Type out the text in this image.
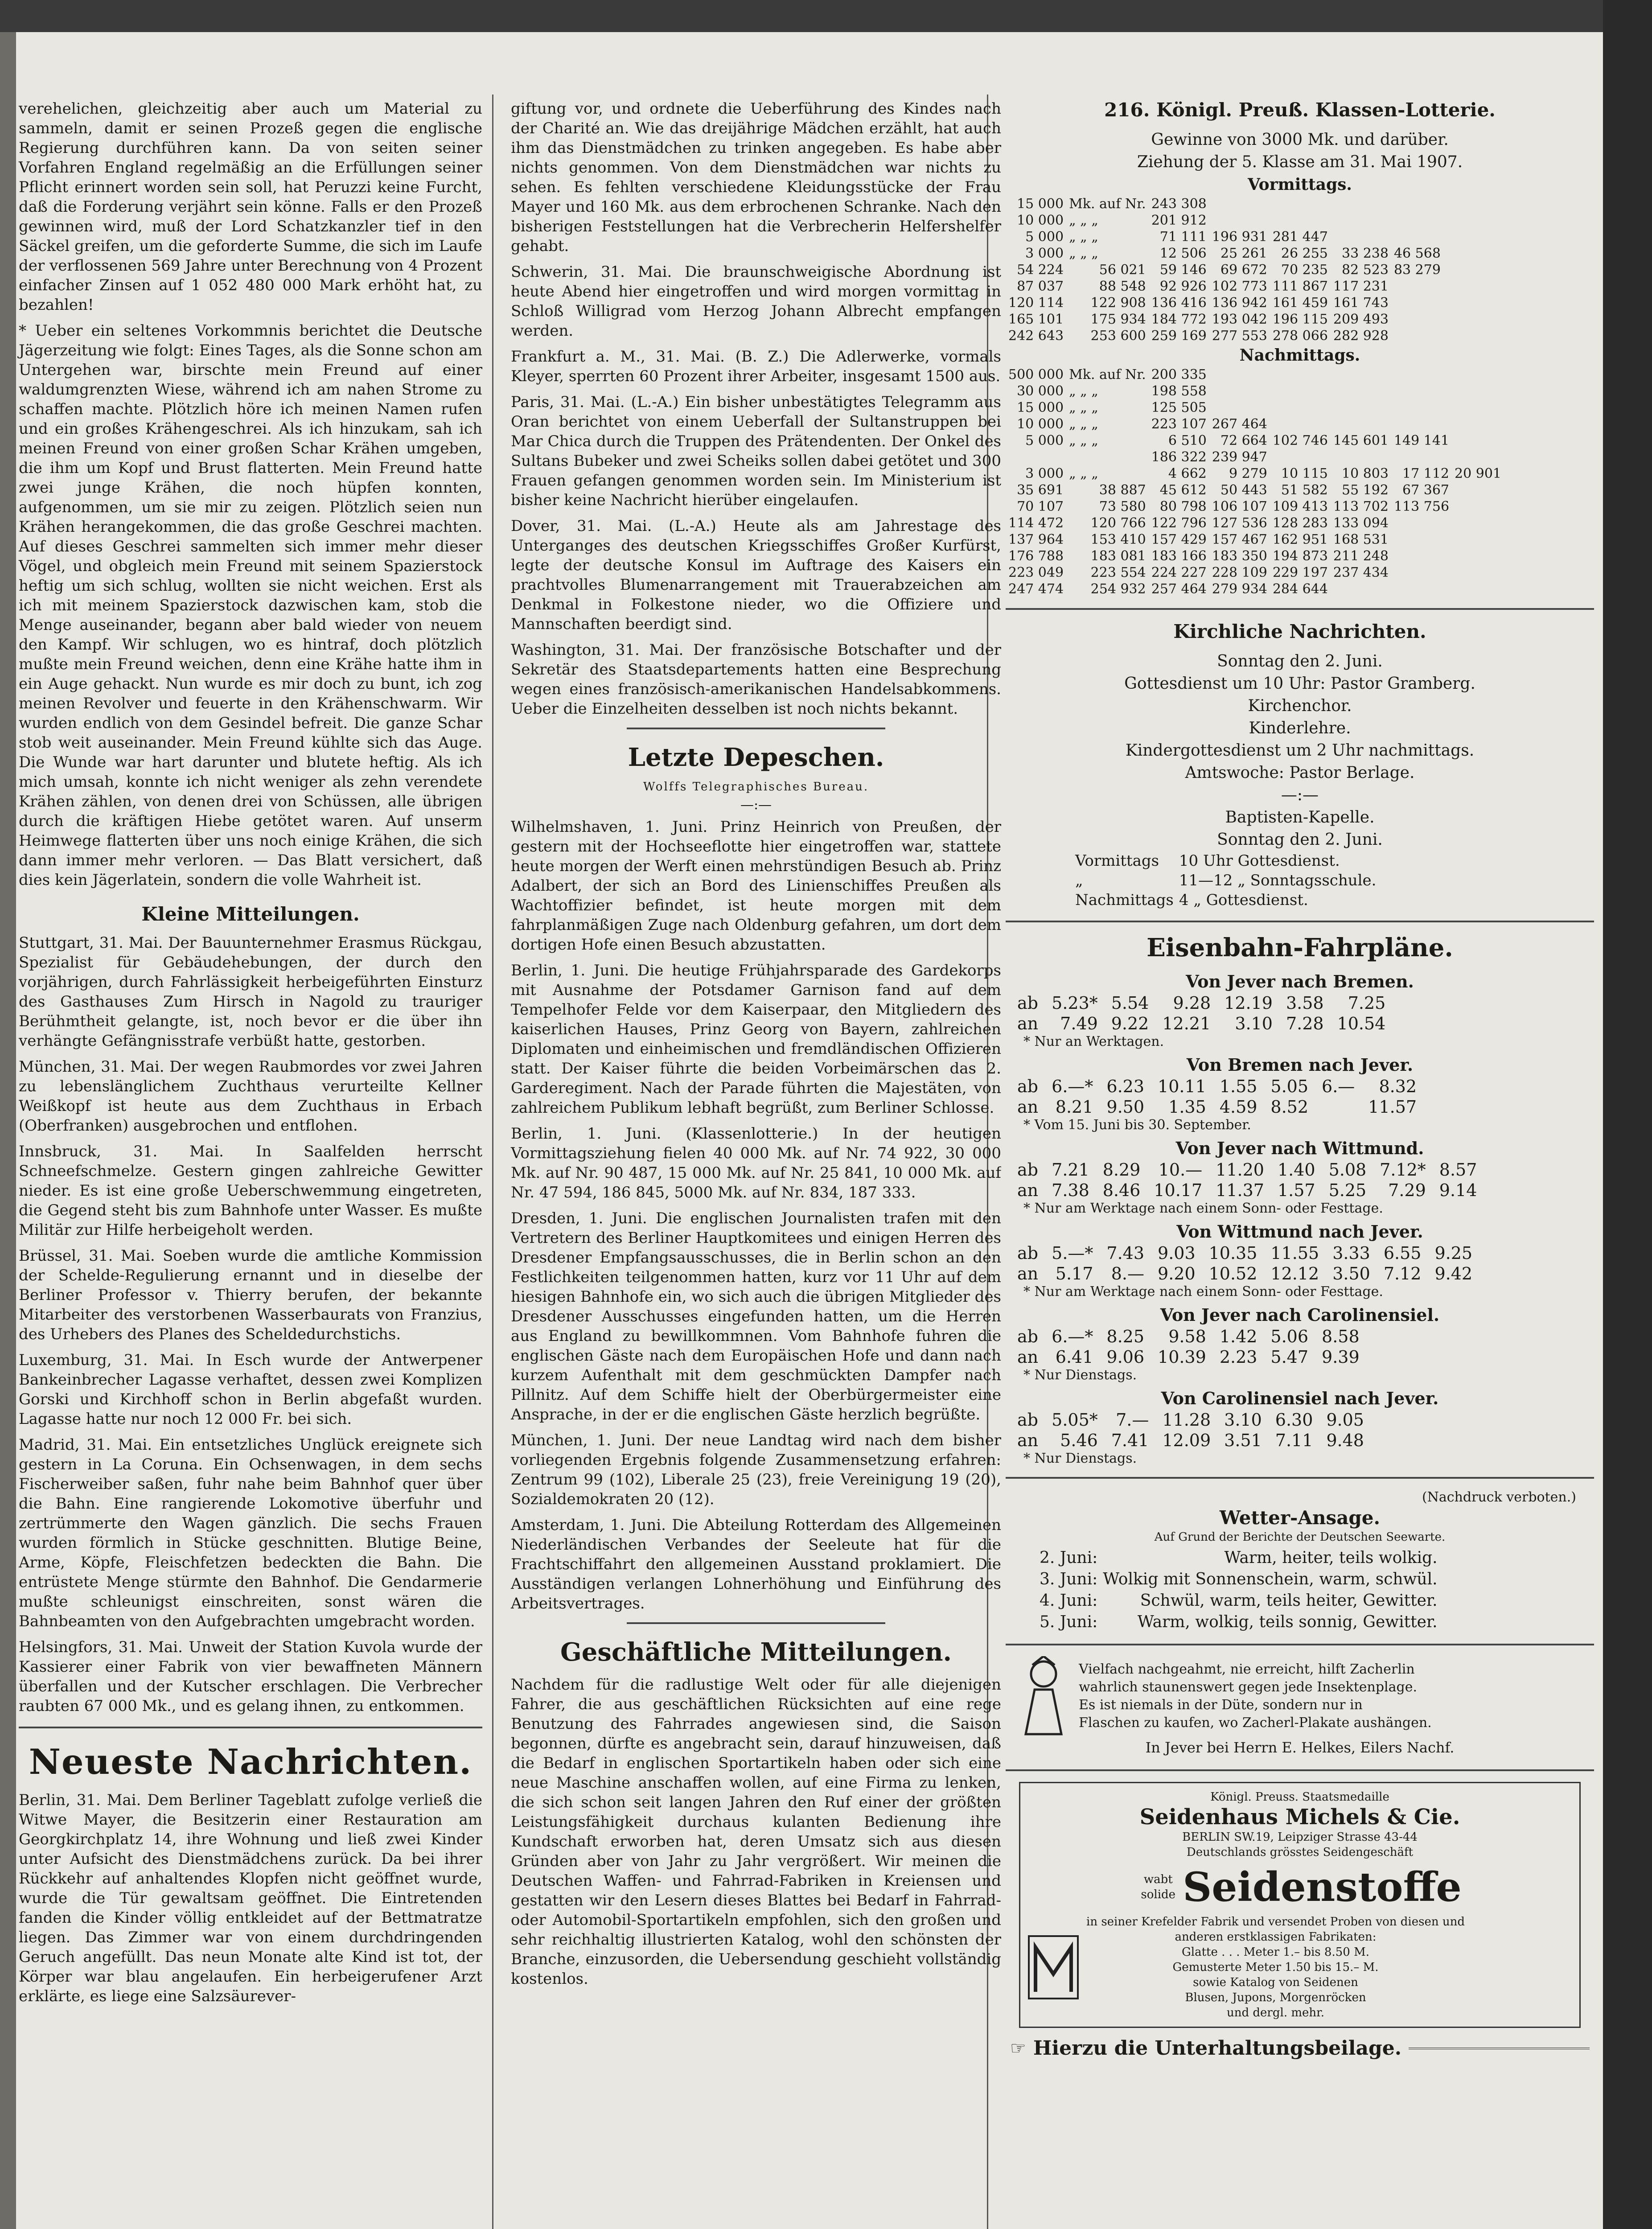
verehelichen, gleichzeitig aber auch um Material zu sammeln, damit er seinen Prozeß gegen die englische Regierung durchführen kann. Da von seiten seiner Vorfahren England regelmäßig an die Erfüllungen seiner Pflicht erinnert worden sein soll, hat Peruzzi keine Furcht, daß die Forderung verjährt sein könne. Falls er den Prozeß gewinnen wird, muß der Lord Schatzkanzler tief in den Säckel greifen, um die geforderte Summe, die sich im Laufe der verflossenen 569 Jahre unter Berechnung von 4 Prozent einfacher Zinsen auf 1 052 480 000 Mark erhöht hat, zu bezahlen!

* Ueber ein seltenes Vorkommnis berichtet die Deutsche Jägerzeitung wie folgt: Eines Tages, als die Sonne schon am Untergehen war, birschte mein Freund auf einer waldumgrenzten Wiese, während ich am nahen Strome zu schaffen machte. Plötzlich höre ich meinen Namen rufen und ein großes Krähengeschrei. Als ich hinzukam, sah ich meinen Freund von einer großen Schar Krähen umgeben, die ihm um Kopf und Brust flatterten. Mein Freund hatte zwei junge Krähen, die noch hüpfen konnten, aufgenommen, um sie mir zu zeigen. Plötzlich seien nun Krähen herangekommen, die das große Geschrei machten. Auf dieses Geschrei sammelten sich immer mehr dieser Vögel, und obgleich mein Freund mit seinem Spazierstock heftig um sich schlug, wollten sie nicht weichen. Erst als ich mit meinem Spazierstock dazwischen kam, stob die Menge auseinander, begann aber bald wieder von neuem den Kampf. Wir schlugen, wo es hintraf, doch plötzlich mußte mein Freund weichen, denn eine Krähe hatte ihm in ein Auge gehackt. Nun wurde es mir doch zu bunt, ich zog meinen Revolver und feuerte in den Krähenschwarm. Wir wurden endlich von dem Gesindel befreit. Die ganze Schar stob weit auseinander. Mein Freund kühlte sich das Auge. Die Wunde war hart darunter und blutete heftig. Als ich mich umsah, konnte ich nicht weniger als zehn verendete Krähen zählen, von denen drei von Schüssen, alle übrigen durch die kräftigen Hiebe getötet waren. Auf unserm Heimwege flatterten über uns noch einige Krähen, die sich dann immer mehr verloren. — Das Blatt versichert, daß dies kein Jägerlatein, sondern die volle Wahrheit ist.

Kleine Mitteilungen.

Stuttgart, 31. Mai. Der Bauunternehmer Erasmus Rückgau, Spezialist für Gebäudehebungen, der durch den vorjährigen, durch Fahrlässigkeit herbeigeführten Einsturz des Gasthauses Zum Hirsch in Nagold zu trauriger Berühmtheit gelangte, ist, noch bevor er die über ihn verhängte Gefängnisstrafe verbüßt hatte, gestorben.

München, 31. Mai. Der wegen Raubmordes vor zwei Jahren zu lebenslänglichem Zuchthaus verurteilte Kellner Weißkopf ist heute aus dem Zuchthaus in Erbach (Oberfranken) ausgebrochen und entflohen.

Innsbruck, 31. Mai. In Saalfelden herrscht Schneefschmelze. Gestern gingen zahlreiche Gewitter nieder. Es ist eine große Ueberschwemmung eingetreten, die Gegend steht bis zum Bahnhofe unter Wasser. Es mußte Militär zur Hilfe herbeigeholt werden.

Brüssel, 31. Mai. Soeben wurde die amtliche Kommission der Schelde-Regulierung ernannt und in dieselbe der Berliner Professor v. Thierry berufen, der bekannte Mitarbeiter des verstorbenen Wasserbaurats von Franzius, des Urhebers des Planes des Scheldedurchstichs.

Luxemburg, 31. Mai. In Esch wurde der Antwerpener Bankeinbrecher Lagasse verhaftet, dessen zwei Komplizen Gorski und Kirchhoff schon in Berlin abgefaßt wurden. Lagasse hatte nur noch 12 000 Fr. bei sich.

Madrid, 31. Mai. Ein entsetzliches Unglück ereignete sich gestern in La Coruna. Ein Ochsenwagen, in dem sechs Fischerweiber saßen, fuhr nahe beim Bahnhof quer über die Bahn. Eine rangierende Lokomotive überfuhr und zertrümmerte den Wagen gänzlich. Die sechs Frauen wurden förmlich in Stücke geschnitten. Blutige Beine, Arme, Köpfe, Fleischfetzen bedeckten die Bahn. Die entrüstete Menge stürmte den Bahnhof. Die Gendarmerie mußte schleunigst einschreiten, sonst wären die Bahnbeamten von den Aufgebrachten umgebracht worden.

Helsingfors, 31. Mai. Unweit der Station Kuvola wurde der Kassierer einer Fabrik von vier bewaffneten Männern überfallen und der Kutscher erschlagen. Die Verbrecher raubten 67 000 Mk., und es gelang ihnen, zu entkommen.

Neueste Nachrichten.

Berlin, 31. Mai. Dem Berliner Tageblatt zufolge verließ die Witwe Mayer, die Besitzerin einer Restauration am Georgkirchplatz 14, ihre Wohnung und ließ zwei Kinder unter Aufsicht des Dienstmädchens zurück. Da bei ihrer Rückkehr auf anhaltendes Klopfen nicht geöffnet wurde, wurde die Tür gewaltsam geöffnet. Die Eintretenden fanden die Kinder völlig entkleidet auf der Bettmatratze liegen. Das Zimmer war von einem durchdringenden Geruch angefüllt. Das neun Monate alte Kind ist tot, der Körper war blau angelaufen. Ein herbeigerufener Arzt erklärte, es liege eine Salzsäurever-

giftung vor, und ordnete die Ueberführung des Kindes nach der Charité an. Wie das dreijährige Mädchen erzählt, hat auch ihm das Dienstmädchen zu trinken angegeben. Es habe aber nichts genommen. Von dem Dienstmädchen war nichts zu sehen. Es fehlten verschiedene Kleidungsstücke der Frau Mayer und 160 Mk. aus dem erbrochenen Schranke. Nach den bisherigen Feststellungen hat die Verbrecherin Helfershelfer gehabt.

Schwerin, 31. Mai. Die braunschweigische Abordnung ist heute Abend hier eingetroffen und wird morgen vormittag in Schloß Willigrad vom Herzog Johann Albrecht empfangen werden.

Frankfurt a. M., 31. Mai. (B. Z.) Die Adlerwerke, vormals Kleyer, sperrten 60 Prozent ihrer Arbeiter, insgesamt 1500 aus.

Paris, 31. Mai. (L.-A.) Ein bisher unbestätigtes Telegramm aus Oran berichtet von einem Ueberfall der Sultanstruppen bei Mar Chica durch die Truppen des Prätendenten. Der Onkel des Sultans Bubeker und zwei Scheiks sollen dabei getötet und 300 Frauen gefangen genommen worden sein. Im Ministerium ist bisher keine Nachricht hierüber eingelaufen.

Dover, 31. Mai. (L.-A.) Heute als am Jahrestage des Unterganges des deutschen Kriegsschiffes Großer Kurfürst, legte der deutsche Konsul im Auftrage des Kaisers ein prachtvolles Blumenarrangement mit Trauerabzeichen am Denkmal in Folkestone nieder, wo die Offiziere und Mannschaften beerdigt sind.

Washington, 31. Mai. Der französische Botschafter und der Sekretär des Staatsdepartements hatten eine Besprechung wegen eines französisch-amerikanischen Handelsabkommens. Ueber die Einzelheiten desselben ist noch nichts bekannt.

Letzte Depeschen.
Wolffs Telegraphisches Bureau.
—:—

Wilhelmshaven, 1. Juni. Prinz Heinrich von Preußen, der gestern mit der Hochseeflotte hier eingetroffen war, stattete heute morgen der Werft einen mehrstündigen Besuch ab. Prinz Adalbert, der sich an Bord des Linienschiffes Preußen als Wachtoffizier befindet, ist heute morgen mit dem fahrplanmäßigen Zuge nach Oldenburg gefahren, um dort dem dortigen Hofe einen Besuch abzustatten.

Berlin, 1. Juni. Die heutige Frühjahrsparade des Gardekorps mit Ausnahme der Potsdamer Garnison fand auf dem Tempelhofer Felde vor dem Kaiserpaar, den Mitgliedern des kaiserlichen Hauses, Prinz Georg von Bayern, zahlreichen Diplomaten und einheimischen und fremdländischen Offizieren statt. Der Kaiser führte die beiden Vorbeimärschen das 2. Garderegiment. Nach der Parade führten die Majestäten, von zahlreichem Publikum lebhaft begrüßt, zum Berliner Schlosse.

Berlin, 1. Juni. (Klassenlotterie.) In der heutigen Vormittagsziehung fielen 40 000 Mk. auf Nr. 74 922, 30 000 Mk. auf Nr. 90 487, 15 000 Mk. auf Nr. 25 841, 10 000 Mk. auf Nr. 47 594, 186 845, 5000 Mk. auf Nr. 834, 187 333.

Dresden, 1. Juni. Die englischen Journalisten trafen mit den Vertretern des Berliner Hauptkomitees und einigen Herren des Dresdener Empfangsausschusses, die in Berlin schon an den Festlichkeiten teilgenommen hatten, kurz vor 11 Uhr auf dem hiesigen Bahnhofe ein, wo sich auch die übrigen Mitglieder des Dresdener Ausschusses eingefunden hatten, um die Herren aus England zu bewillkommnen. Vom Bahnhofe fuhren die englischen Gäste nach dem Europäischen Hofe und dann nach kurzem Aufenthalt mit dem geschmückten Dampfer nach Pillnitz. Auf dem Schiffe hielt der Oberbürgermeister eine Ansprache, in der er die englischen Gäste herzlich begrüßte.

München, 1. Juni. Der neue Landtag wird nach dem bisher vorliegenden Ergebnis folgende Zusammensetzung erfahren: Zentrum 99 (102), Liberale 25 (23), freie Vereinigung 19 (20), Sozialdemokraten 20 (12).

Amsterdam, 1. Juni. Die Abteilung Rotterdam des Allgemeinen Niederländischen Verbandes der Seeleute hat für die Frachtschiffahrt den allgemeinen Ausstand proklamiert. Die Ausständigen verlangen Lohnerhöhung und Einführung des Arbeitsvertrages.

Geschäftliche Mitteilungen.

Nachdem für die radlustige Welt oder für alle diejenigen Fahrer, die aus geschäftlichen Rücksichten auf eine rege Benutzung des Fahrrades angewiesen sind, die Saison begonnen, dürfte es angebracht sein, darauf hinzuweisen, daß die Bedarf in englischen Sportartikeln haben oder sich eine neue Maschine anschaffen wollen, auf eine Firma zu lenken, die sich schon seit langen Jahren den Ruf einer der größten Leistungsfähigkeit durchaus kulanten Bedienung ihre Kundschaft erworben hat, deren Umsatz sich aus diesen Gründen aber von Jahr zu Jahr vergrößert. Wir meinen die Deutschen Waffen- und Fahrrad-Fabriken in Kreiensen und gestatten wir den Lesern dieses Blattes bei Bedarf in Fahrrad- oder Automobil-Sportartikeln empfohlen, sich den großen und sehr reichhaltig illustrierten Katalog, wohl den schönsten der Branche, einzusorden, die Uebersendung geschieht vollständig kostenlos.

216. Königl. Preuß. Klassen-Lotterie.
Gewinne von 3000 Mk. und darüber.
Ziehung der 5. Klasse am 31. Mai 1907.
Vormittags.
15 000	Mk. auf Nr.	243 308				
10 000	„ „ „	201 912				
5 000	„ „ „	71 111	196 931	281 447		
3 000	„ „ „	12 506	25 261	26 255	33 238	46 568
54 224	56 021	59 146	69 672	70 235	82 523	83 279
87 037	88 548	92 926	102 773	111 867	117 231	
120 114	122 908	136 416	136 942	161 459	161 743	
165 101	175 934	184 772	193 042	196 115	209 493	
242 643	253 600	259 169	277 553	278 066	282 928	
Nachmittags.
500 000	Mk. auf Nr.	200 335					
30 000	„ „ „	198 558					
15 000	„ „ „	125 505					
10 000	„ „ „	223 107	267 464				
5 000	„ „ „	6 510	72 664	102 746	145 601	149 141	
		186 322	239 947				
3 000	„ „ „	4 662	9 279	10 115	10 803	17 112	20 901
35 691	38 887	45 612	50 443	51 582	55 192	67 367	
70 107	73 580	80 798	106 107	109 413	113 702	113 756	
114 472	120 766	122 796	127 536	128 283	133 094		
137 964	153 410	157 429	157 467	162 951	168 531		
176 788	183 081	183 166	183 350	194 873	211 248		
223 049	223 554	224 227	228 109	229 197	237 434		
247 474	254 932	257 464	279 934	284 644			
Kirchliche Nachrichten.
Sonntag den 2. Juni.
Gottesdienst um 10 Uhr: Pastor Gramberg.
Kirchenchor.
Kinderlehre.
Kindergottesdienst um 2 Uhr nachmittags.
Amtswoche: Pastor Berlage.
—:—
Baptisten-Kapelle.
Sonntag den 2. Juni.
Vormittags	10 Uhr Gottesdienst.
„	11—12 „ Sonntagsschule.
Nachmittags	4 „ Gottesdienst.
Eisenbahn-Fahrpläne.
Von Jever nach Bremen.
ab	5.23*	5.54	9.28	12.19	3.58	7.25
an	7.49	9.22	12.21	3.10	7.28	10.54
* Nur an Werktagen.
Von Bremen nach Jever.
ab	6.—*	6.23	10.11	1.55	5.05	6.—	8.32
an	8.21	9.50	1.35	4.59	8.52		11.57
* Vom 15. Juni bis 30. September.
Von Jever nach Wittmund.
ab	7.21	8.29	10.—	11.20	1.40	5.08	7.12*	8.57
an	7.38	8.46	10.17	11.37	1.57	5.25	7.29	9.14
* Nur am Werktage nach einem Sonn- oder Festtage.
Von Wittmund nach Jever.
ab	5.—*	7.43	9.03	10.35	11.55	3.33	6.55	9.25
an	5.17	8.—	9.20	10.52	12.12	3.50	7.12	9.42
* Nur am Werktage nach einem Sonn- oder Festtage.
Von Jever nach Carolinensiel.
ab	6.—*	8.25	9.58	1.42	5.06	8.58
an	6.41	9.06	10.39	2.23	5.47	9.39
* Nur Dienstags.
Von Carolinensiel nach Jever.
ab	5.05*	7.—	11.28	3.10	6.30	9.05
an	5.46	7.41	12.09	3.51	7.11	9.48
* Nur Dienstags.
(Nachdruck verboten.)
Wetter-Ansage.
Auf Grund der Berichte der Deutschen Seewarte.
2. Juni:	Warm, heiter, teils wolkig.
3. Juni:	Wolkig mit Sonnenschein, warm, schwül.
4. Juni:	Schwül, warm, teils heiter, Gewitter.
5. Juni:	Warm, wolkig, teils sonnig, Gewitter.
Vielfach nachgeahmt, nie erreicht, hilft Zacherlin
wahrlich staunenswert gegen jede Insektenplage.
Es ist niemals in der Düte, sondern nur in
Flaschen zu kaufen, wo Zacherl-Plakate aushängen.
In Jever bei Herrn E. Helkes, Eilers Nachf.
Königl. Preuss. Staatsmedaille
Seidenhaus Michels & Cie.
BERLIN SW.19, Leipziger Strasse 43-44
Deutschlands grösstes Seidengeschäft
wabt solide Seidenstoffe
in seiner Krefelder Fabrik und versendet Proben von diesen und
anderen erstklassigen Fabrikaten:
Glatte . . . Meter 1.– bis 8.50 M.
Gemusterte Meter 1.50 bis 15.– M.
sowie Katalog von Seidenen
Blusen, Jupons, Morgenröcken
und dergl. mehr.
☞ Hierzu die Unterhaltungsbeilage.
